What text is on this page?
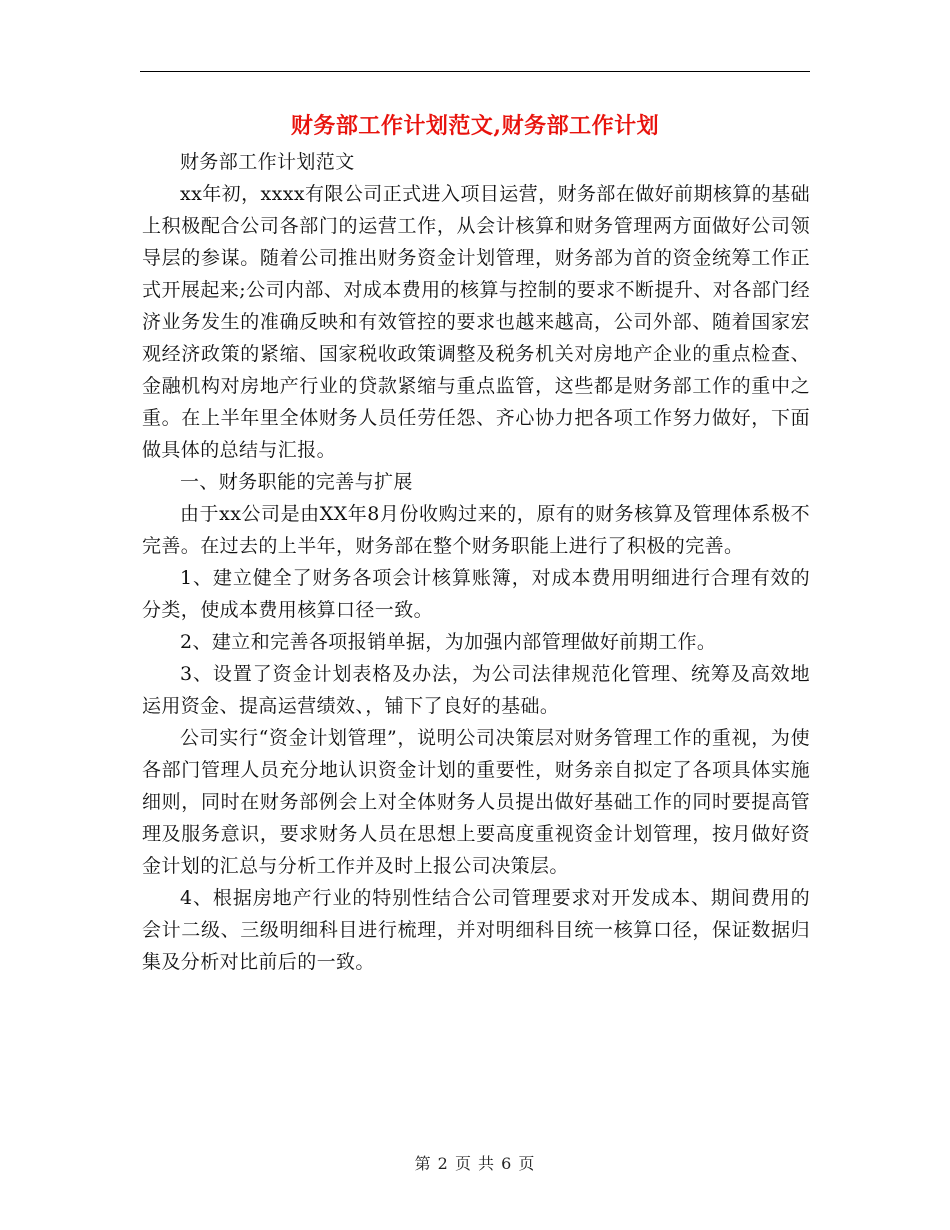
财务部工作计划范文,财务部工作计划

财务部工作计划范文

xx年初，xxxx有限公司正式进入项目运营，财务部在做好前期核算的基础上积极配合公司各部门的运营工作，从会计核算和财务管理两方面做好公司领导层的参谋。随着公司推出财务资金计划管理，财务部为首的资金统筹工作正式开展起来;公司内部、对成本费用的核算与控制的要求不断提升、对各部门经济业务发生的准确反映和有效管控的要求也越来越高，公司外部、随着国家宏观经济政策的紧缩、国家税收政策调整及税务机关对房地产企业的重点检查、金融机构对房地产行业的贷款紧缩与重点监管，这些都是财务部工作的重中之重。在上半年里全体财务人员任劳任怨、齐心协力把各项工作努力做好，下面做具体的总结与汇报。

一、财务职能的完善与扩展

由于xx公司是由XX年8月份收购过来的，原有的财务核算及管理体系极不完善。在过去的上半年，财务部在整个财务职能上进行了积极的完善。

1、建立健全了财务各项会计核算账簿，对成本费用明细进行合理有效的分类，使成本费用核算口径一致。

2、建立和完善各项报销单据，为加强内部管理做好前期工作。

3、设置了资金计划表格及办法，为公司法律规范化管理、统筹及高效地运用资金、提高运营绩效、，铺下了良好的基础。

公司实行“资金计划管理”，说明公司决策层对财务管理工作的重视，为使各部门管理人员充分地认识资金计划的重要性，财务亲自拟定了各项具体实施细则，同时在财务部例会上对全体财务人员提出做好基础工作的同时要提高管理及服务意识，要求财务人员在思想上要高度重视资金计划管理，按月做好资金计划的汇总与分析工作并及时上报公司决策层。

4、根据房地产行业的特别性结合公司管理要求对开发成本、期间费用的会计二级、三级明细科目进行梳理，并对明细科目统一核算口径，保证数据归集及分析对比前后的一致。

第 2 页 共 6 页
